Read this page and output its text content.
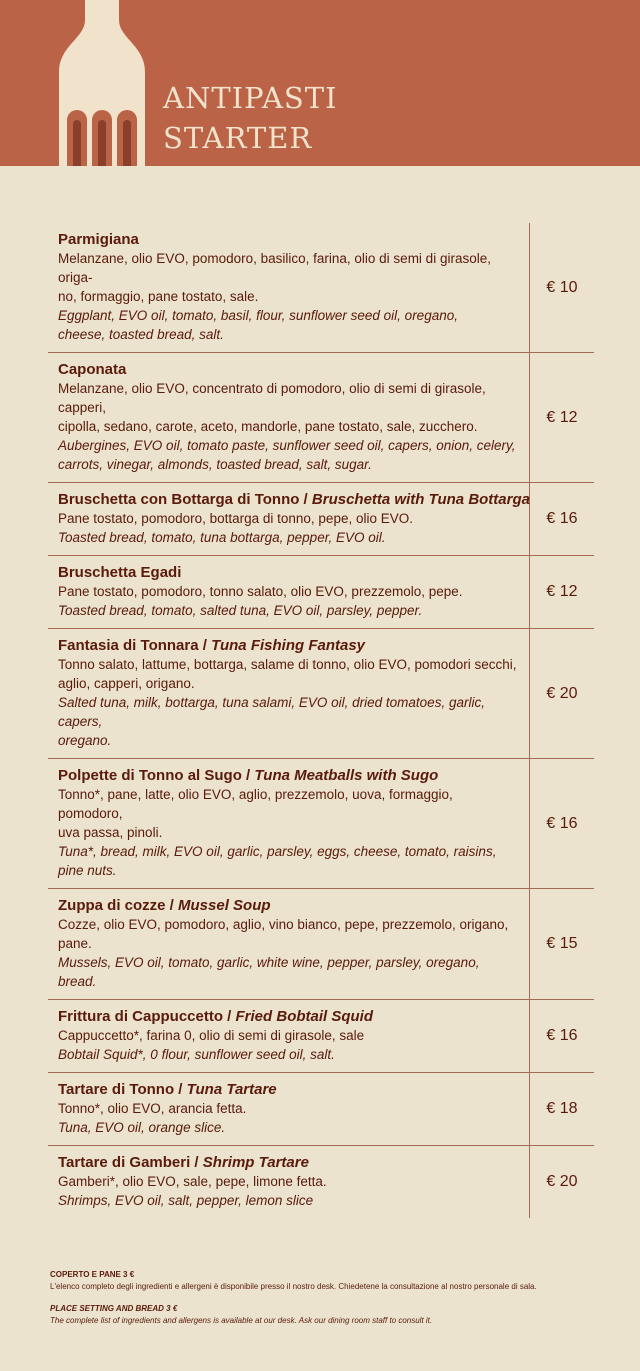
ANTIPASTI
STARTER
Parmigiana
Melanzane, olio EVO, pomodoro, basilico, farina, olio di semi di girasole, origa-
no, formaggio, pane tostato, sale.
Eggplant, EVO oil, tomato, basil, flour, sunflower seed oil, oregano,
cheese, toasted bread, salt.
€ 10
Caponata
Melanzane, olio EVO, concentrato di pomodoro, olio di semi di girasole, capperi,
cipolla, sedano, carote, aceto, mandorle, pane tostato, sale, zucchero.
Aubergines, EVO oil, tomato paste, sunflower seed oil, capers, onion, celery,
carrots, vinegar, almonds, toasted bread, salt, sugar.
€ 12
Bruschetta con Bottarga di Tonno / Bruschetta with Tuna Bottarga
Pane tostato, pomodoro, bottarga di tonno, pepe, olio EVO.
Toasted bread, tomato, tuna bottarga, pepper, EVO oil.
€ 16
Bruschetta Egadi
Pane tostato, pomodoro, tonno salato, olio EVO, prezzemolo, pepe.
Toasted bread, tomato, salted tuna, EVO oil, parsley, pepper.
€ 12
Fantasia di Tonnara / Tuna Fishing Fantasy
Tonno salato, lattume, bottarga, salame di tonno, olio EVO, pomodori secchi,
aglio, capperi, origano.
Salted tuna, milk, bottarga, tuna salami, EVO oil, dried tomatoes, garlic, capers,
oregano.
€ 20
Polpette di Tonno al Sugo / Tuna Meatballs with Sugo
Tonno*, pane, latte, olio EVO, aglio, prezzemolo, uova, formaggio, pomodoro,
uva passa, pinoli.
Tuna*, bread, milk, EVO oil, garlic, parsley, eggs, cheese, tomato, raisins, pine nuts.
€ 16
Zuppa di cozze / Mussel Soup
Cozze, olio EVO, pomodoro, aglio, vino bianco, pepe, prezzemolo, origano, pane.
Mussels, EVO oil, tomato, garlic, white wine, pepper, parsley, oregano, bread.
€ 15
Frittura di Cappuccetto / Fried Bobtail Squid
Cappuccetto*, farina 0, olio di semi di girasole, sale
Bobtail Squid*, 0 flour, sunflower seed oil, salt.
€ 16
Tartare di Tonno / Tuna Tartare
Tonno*, olio EVO, arancia fetta.
Tuna, EVO oil, orange slice.
€ 18
Tartare di Gamberi / Shrimp Tartare
Gamberi*, olio EVO, sale, pepe, limone fetta.
Shrimps, EVO oil, salt, pepper, lemon slice
€ 20
COPERTO E PANE 3 €
L'elenco completo degli ingredienti e allergeni è disponibile presso il nostro desk. Chiedetene la consultazione al nostro personale di sala.
PLACE SETTING AND BREAD 3 €
The complete list of ingredients and allergens is available at our desk. Ask our dining room staff to consult it.
